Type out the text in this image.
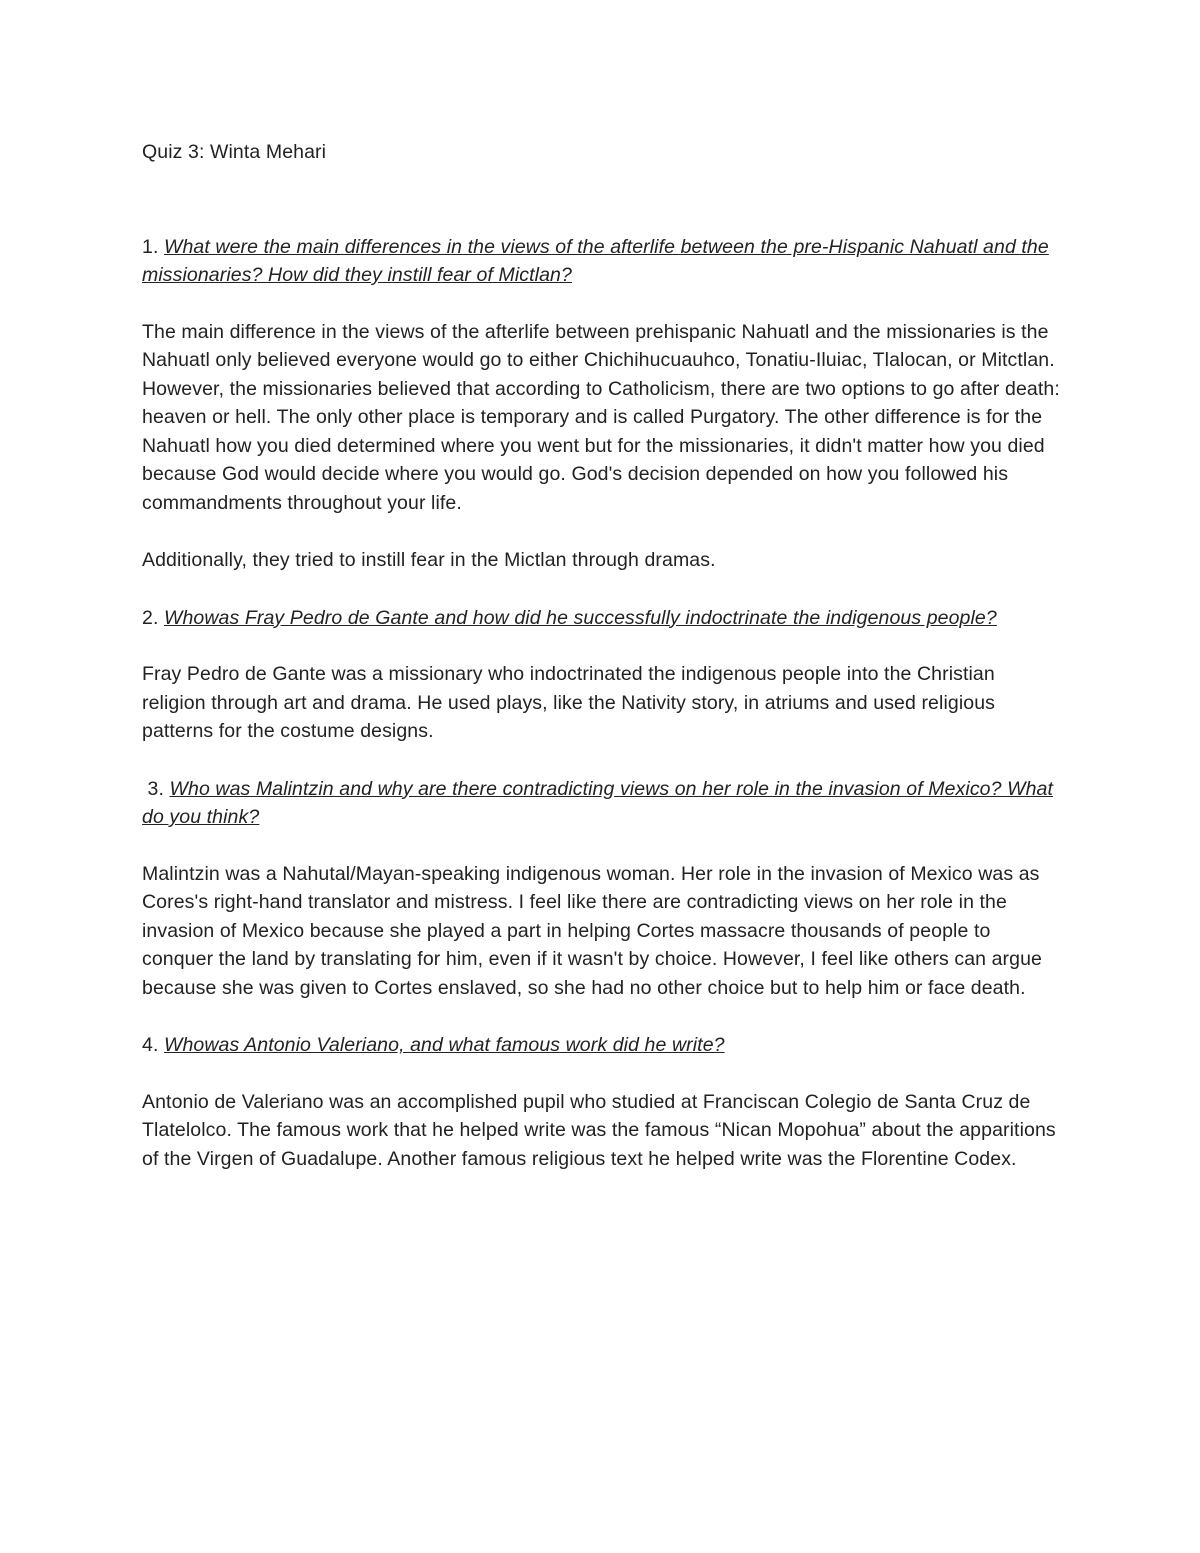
Quiz 3: Winta Mehari

1. What were the main differences in the views of the afterlife between the pre-Hispanic Nahuatl and the missionaries? How did they instill fear of Mictlan?

The main difference in the views of the afterlife between prehispanic Nahuatl and the missionaries is the Nahuatl only believed everyone would go to either Chichihucuauhco, Tonatiu-Iluiac, Tlalocan, or Mitctlan. However, the missionaries believed that according to Catholicism, there are two options to go after death: heaven or hell. The only other place is temporary and is called Purgatory. The other difference is for the Nahuatl how you died determined where you went but for the missionaries, it didn't matter how you died because God would decide where you would go. God's decision depended on how you followed his commandments throughout your life.

Additionally, they tried to instill fear in the Mictlan through dramas.

2. Whowas Fray Pedro de Gante and how did he successfully indoctrinate the indigenous people?

Fray Pedro de Gante was a missionary who indoctrinated the indigenous people into the Christian religion through art and drama. He used plays, like the Nativity story, in atriums and used religious patterns for the costume designs.

3. Who was Malintzin and why are there contradicting views on her role in the invasion of Mexico? What do you think?

Malintzin was a Nahutal/Mayan-speaking indigenous woman. Her role in the invasion of Mexico was as Cores's right-hand translator and mistress. I feel like there are contradicting views on her role in the invasion of Mexico because she played a part in helping Cortes massacre thousands of people to conquer the land by translating for him, even if it wasn't by choice. However, I feel like others can argue because she was given to Cortes enslaved, so she had no other choice but to help him or face death.

4. Whowas Antonio Valeriano, and what famous work did he write?

Antonio de Valeriano was an accomplished pupil who studied at Franciscan Colegio de Santa Cruz de Tlatelolco. The famous work that he helped write was the famous “Nican Mopohua” about the apparitions of the Virgen of Guadalupe. Another famous religious text he helped write was the Florentine Codex.
